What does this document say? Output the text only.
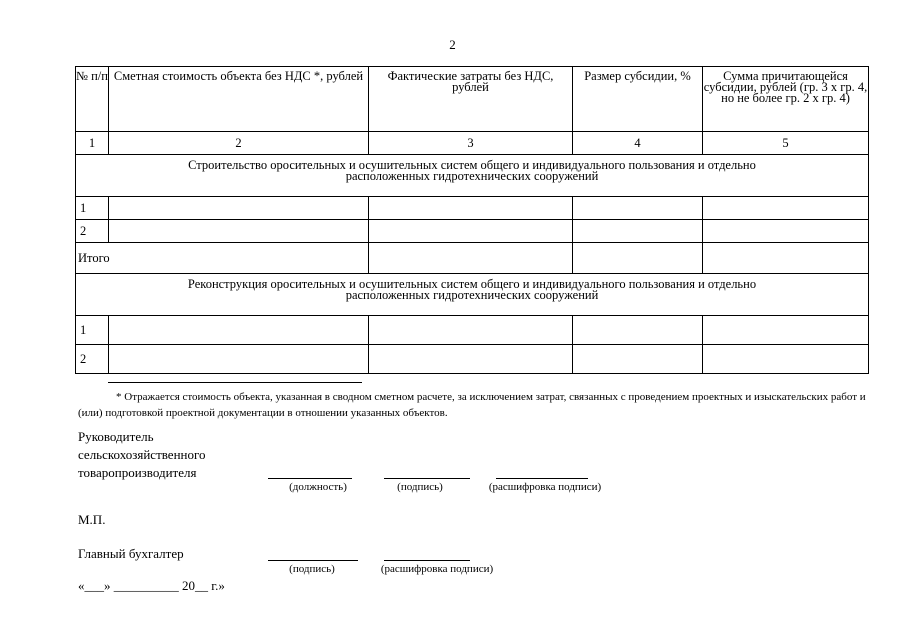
2
№ п/п	Сметная стоимость объекта без НДС *, рублей	Фактические затраты без НДС, рублей	Размер субсидии, %	Сумма причитающейся субсидии, рублей (гр. 3 х гр. 4, но не более гр. 2 х гр. 4)
1	2	3	4	5
Строительство оросительных и осушительных систем общего и индивидуального пользования и отдельно расположенных гидротехнических сооружений				
1				
2				
Итого				
Реконструкция оросительных и осушительных систем общего и индивидуального пользования и отдельно расположенных гидротехнических сооружений				
1				
2				
* Отражается стоимость объекта, указанная в сводном сметном расчете, за исключением затрат, связанных с проведением проектных и изыскательских работ и (или) подготовкой проектной документации в отношении указанных объектов.
Руководитель
сельскохозяйственного
товаропроизводителя
(должность)	(подпись)	(расшифровка подписи)
М.П.
Главный бухгалтер
(подпись)	(расшифровка подписи)
«___» __________ 20__ г.»
